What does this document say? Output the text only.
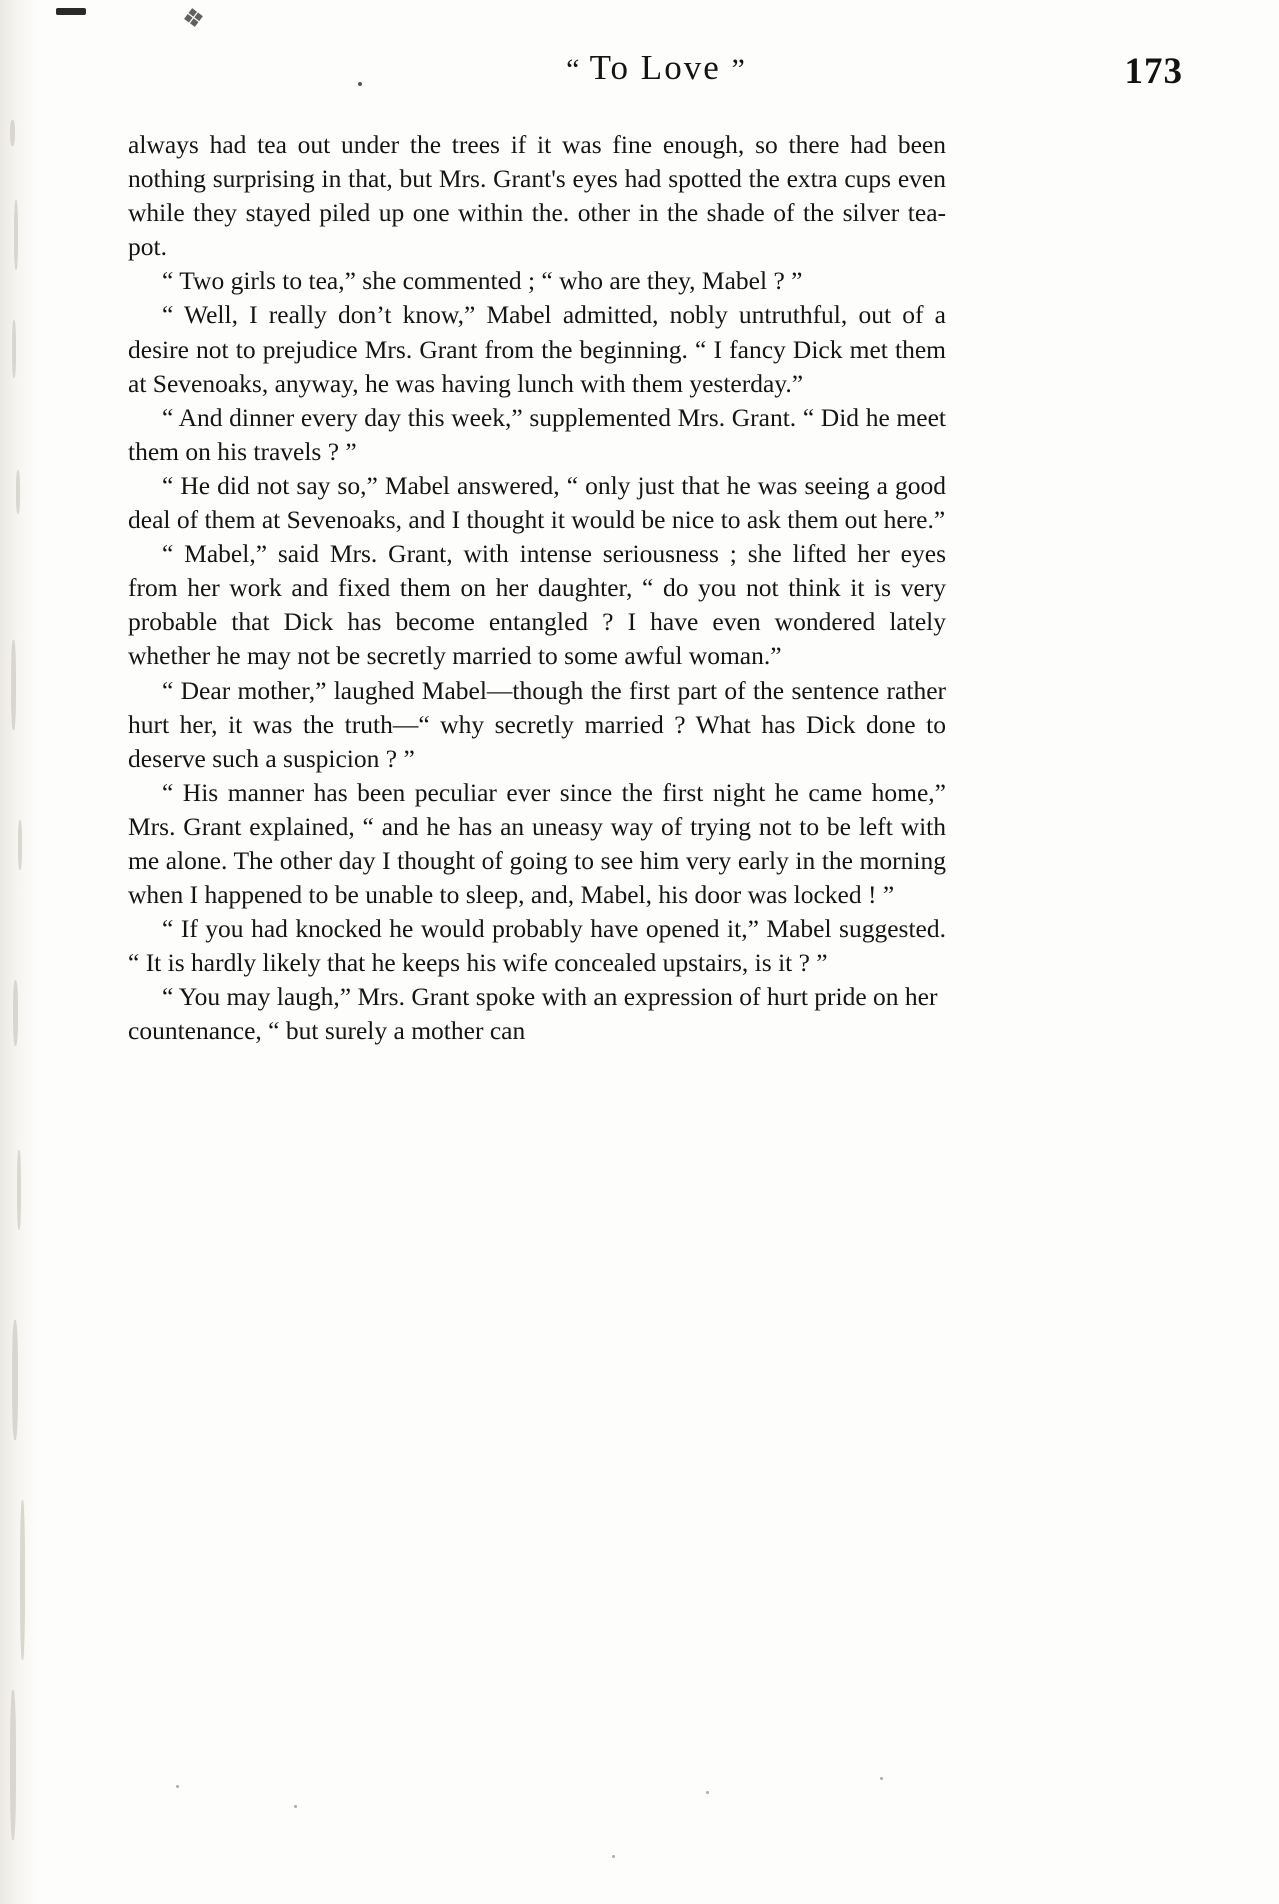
❖
“ To Love ”	173

always had tea out under the trees if it was fine enough, so there had been nothing surprising in that, but Mrs. Grant's eyes had spotted the extra cups even while they stayed piled up one within the. other in the shade of the silver tea-pot.

“ Two girls to tea,” she commented ; “ who are they, Mabel ? ”

“ Well, I really don’t know,” Mabel admitted, nobly untruthful, out of a desire not to prejudice Mrs. Grant from the beginning. “ I fancy Dick met them at Sevenoaks, anyway, he was having lunch with them yesterday.”

“ And dinner every day this week,” supplemented Mrs. Grant. “ Did he meet them on his travels ? ”

“ He did not say so,” Mabel answered, “ only just that he was seeing a good deal of them at Sevenoaks, and I thought it would be nice to ask them out here.”

“ Mabel,” said Mrs. Grant, with intense seriousness ; she lifted her eyes from her work and fixed them on her daughter, “ do you not think it is very probable that Dick has become entangled ? I have even wondered lately whether he may not be secretly married to some awful woman.”

“ Dear mother,” laughed Mabel—though the first part of the sentence rather hurt her, it was the truth—“ why secretly married ? What has Dick done to deserve such a suspicion ? ”

“ His manner has been peculiar ever since the first night he came home,” Mrs. Grant explained, “ and he has an uneasy way of trying not to be left with me alone. The other day I thought of going to see him very early in the morning when I happened to be unable to sleep, and, Mabel, his door was locked ! ”

“ If you had knocked he would probably have opened it,” Mabel suggested. “ It is hardly likely that he keeps his wife concealed upstairs, is it ? ”

“ You may laugh,” Mrs. Grant spoke with an expression of hurt pride on her countenance, “ but surely a mother can
